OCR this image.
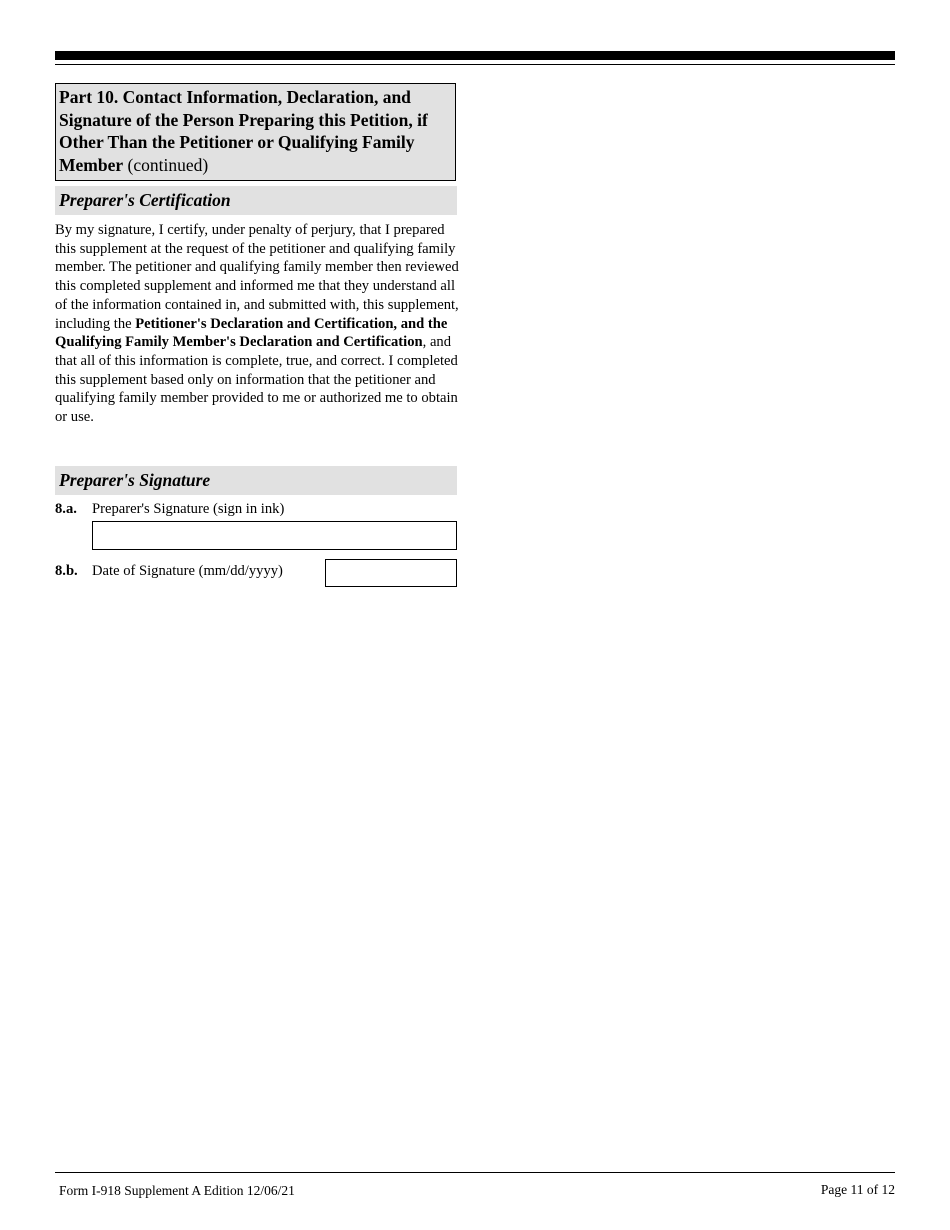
Part 10. Contact Information, Declaration, and Signature of the Person Preparing this Petition, if Other Than the Petitioner or Qualifying Family Member (continued)
Preparer's Certification
By my signature, I certify, under penalty of perjury, that I prepared this supplement at the request of the petitioner and qualifying family member. The petitioner and qualifying family member then reviewed this completed supplement and informed me that they understand all of the information contained in, and submitted with, this supplement, including the Petitioner's Declaration and Certification, and the Qualifying Family Member's Declaration and Certification, and that all of this information is complete, true, and correct. I completed this supplement based only on information that the petitioner and qualifying family member provided to me or authorized me to obtain or use.
Preparer's Signature
8.a. Preparer's Signature (sign in ink)
8.b. Date of Signature (mm/dd/yyyy)
Form I-918 Supplement A Edition 12/06/21	Page 11 of 12
